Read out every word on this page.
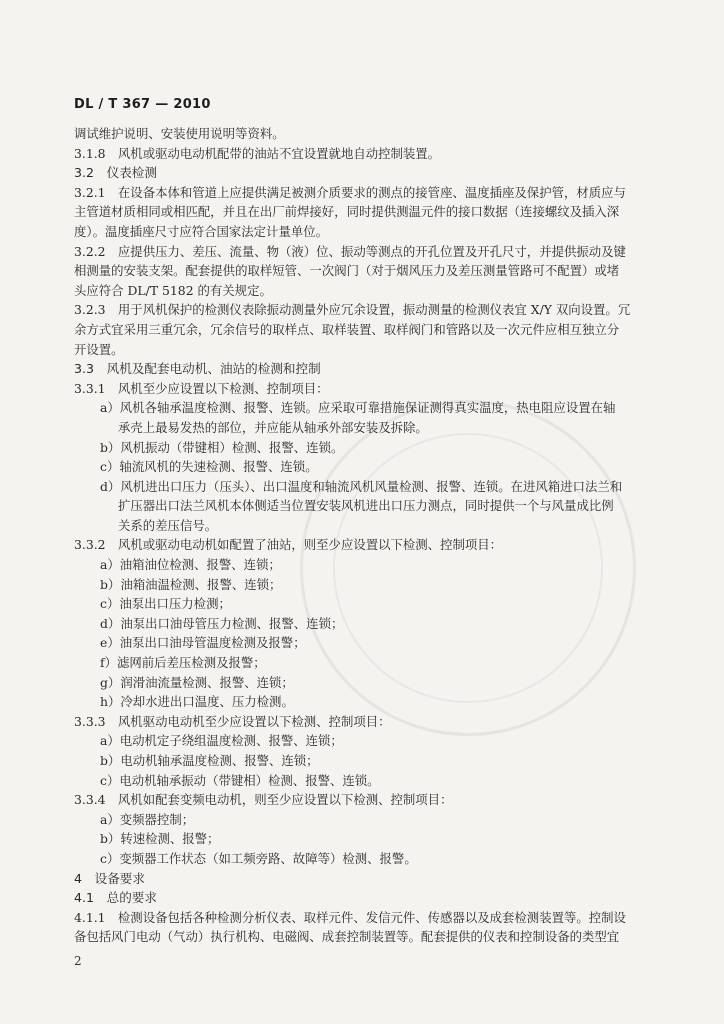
DL / T 367 — 2010

调试维护说明、安装使用说明等资料。

3.1.8　风机或驱动电动机配带的油站不宜设置就地自动控制装置。

3.2　仪表检测

3.2.1　在设备本体和管道上应提供满足被测介质要求的测点的接管座、温度插座及保护管，材质应与

主管道材质相同或相匹配，并且在出厂前焊接好，同时提供测温元件的接口数据（连接螺纹及插入深

度）。温度插座尺寸应符合国家法定计量单位。

3.2.2　应提供压力、差压、流量、物（液）位、振动等测点的开孔位置及开孔尺寸，并提供振动及键

相测量的安装支架。配套提供的取样短管、一次阀门（对于烟风压力及差压测量管路可不配置）或堵

头应符合 DL/T 5182 的有关规定。

3.2.3　用于风机保护的检测仪表除振动测量外应冗余设置，振动测量的检测仪表宜 X/Y 双向设置。冗

余方式宜采用三重冗余，冗余信号的取样点、取样装置、取样阀门和管路以及一次元件应相互独立分

开设置。

3.3　风机及配套电动机、油站的检测和控制

3.3.1　风机至少应设置以下检测、控制项目：

a）风机各轴承温度检测、报警、连锁。应采取可靠措施保证测得真实温度，热电阻应设置在轴

承壳上最易发热的部位，并应能从轴承外部安装及拆除。

b）风机振动（带键相）检测、报警、连锁。

c）轴流风机的失速检测、报警、连锁。

d）风机进出口压力（压头）、出口温度和轴流风机风量检测、报警、连锁。在进风箱进口法兰和

扩压器出口法兰风机本体侧适当位置安装风机进出口压力测点，同时提供一个与风量成比例

关系的差压信号。

3.3.2　风机或驱动电动机如配置了油站，则至少应设置以下检测、控制项目：

a）油箱油位检测、报警、连锁；

b）油箱油温检测、报警、连锁；

c）油泵出口压力检测；

d）油泵出口油母管压力检测、报警、连锁；

e）油泵出口油母管温度检测及报警；

f）滤网前后差压检测及报警；

g）润滑油流量检测、报警、连锁；

h）冷却水进出口温度、压力检测。

3.3.3　风机驱动电动机至少应设置以下检测、控制项目：

a）电动机定子绕组温度检测、报警、连锁；

b）电动机轴承温度检测、报警、连锁；

c）电动机轴承振动（带键相）检测、报警、连锁。

3.3.4　风机如配套变频电动机，则至少应设置以下检测、控制项目：

a）变频器控制；

b）转速检测、报警；

c）变频器工作状态（如工频旁路、故障等）检测、报警。

4　设备要求

4.1　总的要求

4.1.1　检测设备包括各种检测分析仪表、取样元件、发信元件、传感器以及成套检测装置等。控制设

备包括风门电动（气动）执行机构、电磁阀、成套控制装置等。配套提供的仪表和控制设备的类型宜

2
